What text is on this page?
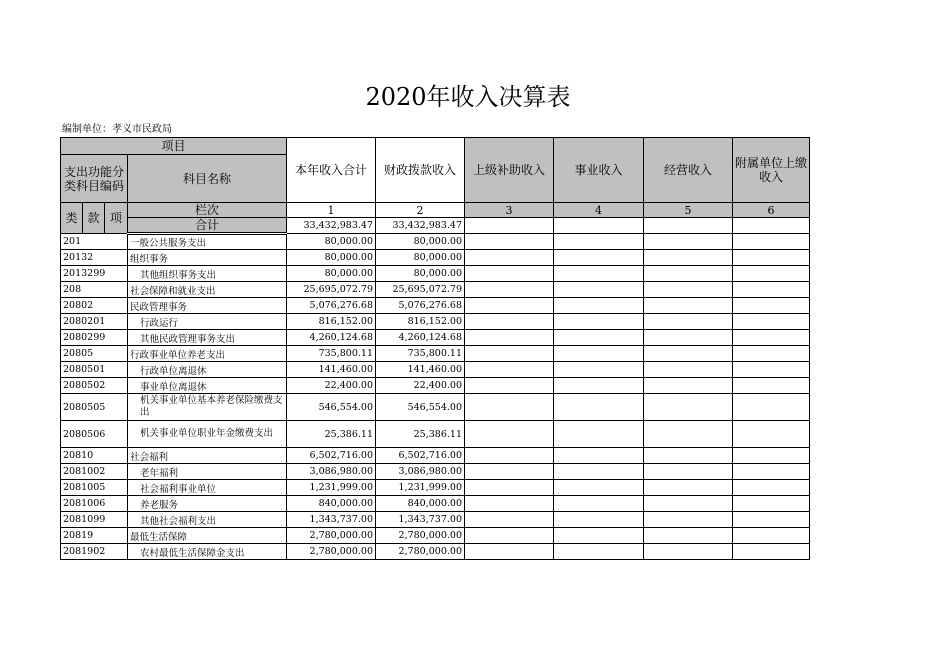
2020年收入决算表
编制单位：孝义市民政局
项目				本年收入合计	财政拨款收入	上级补助收入	事业收入	经营收入	附属单位上缴收入
支出功能分类科目编码			科目名称						

类	款	项	栏次	1	2	3	4	5	6
			合计	33,432,983.47	33,432,983.47				
201			一般公共服务支出	80,000.00	80,000.00				
20132			组织事务	80,000.00	80,000.00				
2013299			其他组织事务支出	80,000.00	80,000.00				
208			社会保障和就业支出	25,695,072.79	25,695,072.79				
20802			民政管理事务	5,076,276.68	5,076,276.68				
2080201			行政运行	816,152.00	816,152.00				
2080299			其他民政管理事务支出	4,260,124.68	4,260,124.68				
20805			行政事业单位养老支出	735,800.11	735,800.11				
2080501			行政单位离退休	141,460.00	141,460.00				
2080502			事业单位离退休	22,400.00	22,400.00				
2080505			机关事业单位基本养老保险缴费支出	546,554.00	546,554.00				
2080506			机关事业单位职业年金缴费支出	25,386.11	25,386.11				
20810			社会福利	6,502,716.00	6,502,716.00				
2081002			老年福利	3,086,980.00	3,086,980.00				
2081005			社会福利事业单位	1,231,999.00	1,231,999.00				
2081006			养老服务	840,000.00	840,000.00				
2081099			其他社会福利支出	1,343,737.00	1,343,737.00				
20819			最低生活保障	2,780,000.00	2,780,000.00				
2081902			农村最低生活保障金支出	2,780,000.00	2,780,000.00				
